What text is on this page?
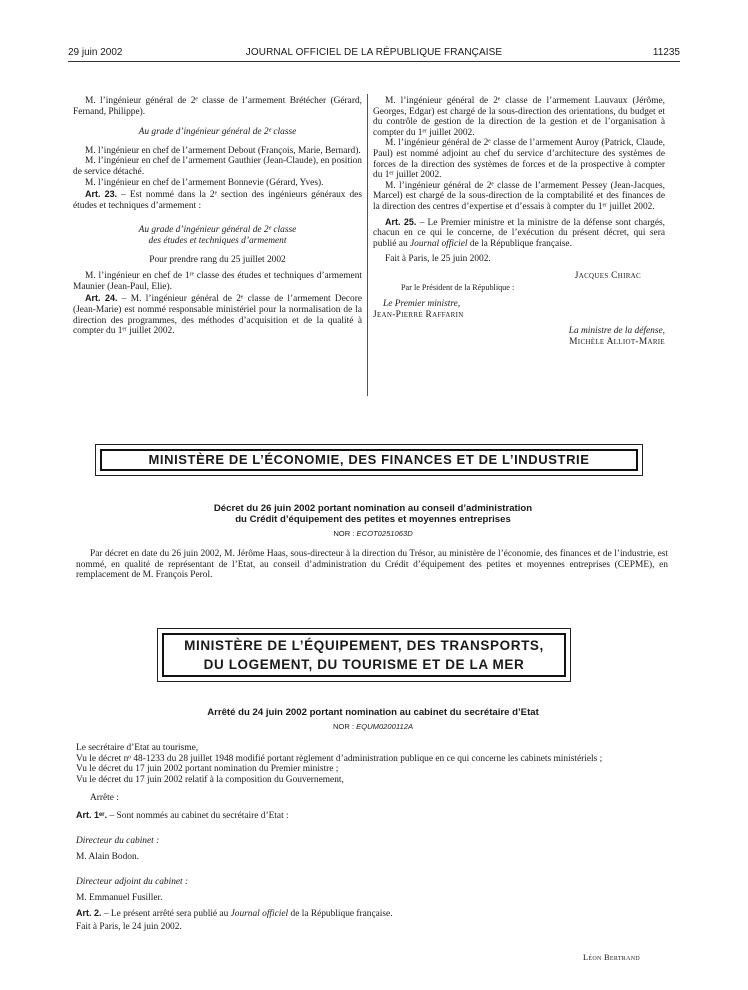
29 juin 2002	JOURNAL OFFICIEL DE LA RÉPUBLIQUE FRANÇAISE	11235

M. l’ingénieur général de 2ᵉ classe de l’armement Brétécher (Gérard, Fernand, Philippe).

Au grade d’ingénieur général de 2ᵉ classe

M. l’ingénieur en chef de l’armement Debout (François, Marie, Bernard).

M. l’ingénieur en chef de l’armement Gauthier (Jean-Claude), en position de service détaché.

M. l’ingénieur en chef de l’armement Bonnevie (Gérard, Yves).

Art. 23. – Est nommé dans la 2ᵉ section des ingénieurs généraux des études et techniques d’armement :

Au grade d’ingénieur général de 2ᵉ classe

des études et techniques d’armement

Pour prendre rang du 25 juillet 2002

M. l’ingénieur en chef de 1ʳᵉ classe des études et techniques d’armement Maunier (Jean-Paul, Elie).

Art. 24. – M. l’ingénieur général de 2ᵉ classe de l’armement Decore (Jean-Marie) est nommé responsable ministériel pour la normalisation de la direction des programmes, des méthodes d’acquisition et de la qualité à compter du 1ᵉʳ juillet 2002.

M. l’ingénieur général de 2ᵉ classe de l’armement Lauvaux (Jérôme, Georges, Edgar) est chargé de la sous-direction des orientations, du budget et du contrôle de gestion de la direction de la gestion et de l’organisation à compter du 1ᵉʳ juillet 2002.

M. l’ingénieur général de 2ᵉ classe de l’armement Auroy (Patrick, Claude, Paul) est nommé adjoint au chef du service d’architecture des systèmes de forces de la direction des systèmes de forces et de la prospective à compter du 1ᵉʳ juillet 2002.

M. l’ingénieur général de 2ᵉ classe de l’armement Pessey (Jean-Jacques, Marcel) est chargé de la sous-direction de la comptabilité et des finances de la direction des centres d’expertise et d’essais à compter du 1ᵉʳ juillet 2002.

Art. 25. – Le Premier ministre et la ministre de la défense sont chargés, chacun en ce qui le concerne, de l’exécution du présent décret, qui sera publié au Journal officiel de la République française.

Fait à Paris, le 25 juin 2002.

Jacques Chirac

Par le Président de la République :

Le Premier ministre,

Jean-Pierre Raffarin

La ministre de la défense,

Michèle Alliot-Marie

MINISTÈRE DE L’ÉCONOMIE, DES FINANCES ET DE L’INDUSTRIE
Décret du 26 juin 2002 portant nomination au conseil d’administration
du Crédit d’équipement des petites et moyennes entreprises
NOR : ECOT0251063D

Par décret en date du 26 juin 2002, M. Jérôme Haas, sous-directeur à la direction du Trésor, au ministère de l’économie, des finances et de l’industrie, est nommé, en qualité de représentant de l’Etat, au conseil d’administration du Crédit d’équipement des petites et moyennes entreprises (CEPME), en remplacement de M. François Perol.

MINISTÈRE DE L’ÉQUIPEMENT, DES TRANSPORTS,
DU LOGEMENT, DU TOURISME ET DE LA MER
Arrêté du 24 juin 2002 portant nomination au cabinet du secrétaire d’Etat
NOR : EQUM0200112A

Le secrétaire d’Etat au tourisme,

Vu le décret nᵒ 48-1233 du 28 juillet 1948 modifié portant règlement d’administration publique en ce qui concerne les cabinets ministériels ;

Vu le décret du 17 juin 2002 portant nomination du Premier ministre ;

Vu le décret du 17 juin 2002 relatif à la composition du Gouvernement,

Arrête :

Art. 1ᵉʳ. – Sont nommés au cabinet du secrétaire d’Etat :

Directeur du cabinet :

M. Alain Bodon.

Directeur adjoint du cabinet :

M. Emmanuel Fusiller.

Art. 2. – Le présent arrêté sera publié au Journal officiel de la République française.

Fait à Paris, le 24 juin 2002.

Léon Bertrand
